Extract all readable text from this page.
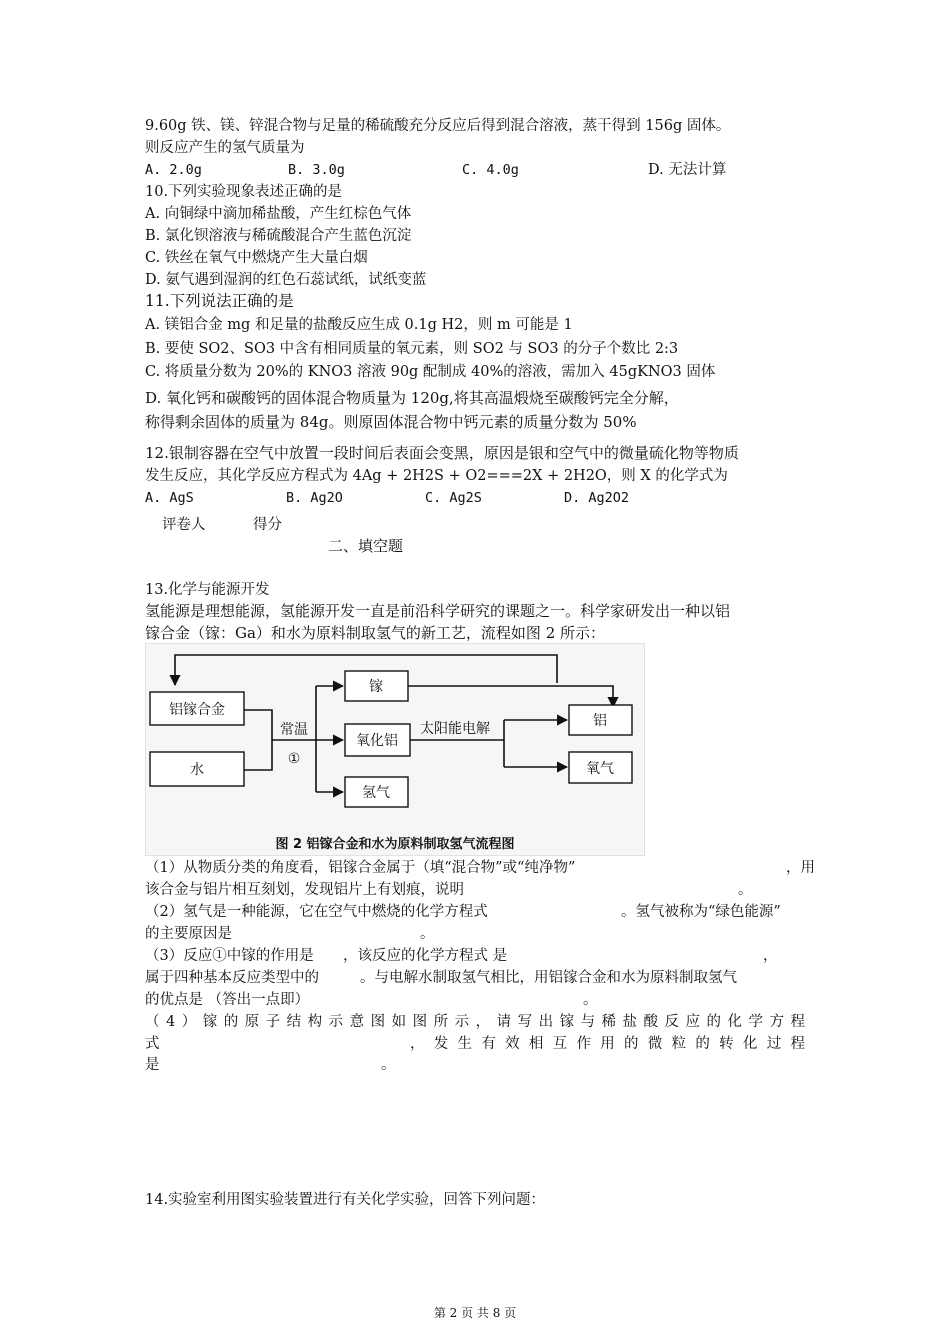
9.60g 铁、镁、锌混合物与足量的稀硫酸充分反应后得到混合溶液，蒸干得到 156g 固体。
则反应产生的氢气质量为
A. 2.0g	B. 3.0g	C. 4.0g	D. 无法计算
10.下列实验现象表述正确的是
A. 向铜绿中滴加稀盐酸，产生红棕色气体
B. 氯化钡溶液与稀硫酸混合产生蓝色沉淀
C. 铁丝在氧气中燃烧产生大量白烟
D. 氨气遇到湿润的红色石蕊试纸，试纸变蓝
11.下列说法正确的是
A. 镁铝合金 mg 和足量的盐酸反应生成 0.1g H2，则 m 可能是 1
B. 要使 SO2、SO3 中含有相同质量的氧元素，则 SO2 与 SO3 的分子个数比 2:3
C. 将质量分数为 20%的 KNO3 溶液 90g 配制成 40%的溶液，需加入 45gKNO3 固体
D. 氧化钙和碳酸钙的固体混合物质量为 120g,将其高温煅烧至碳酸钙完全分解，
称得剩余固体的质量为 84g。则原固体混合物中钙元素的质量分数为 50%
12.银制容器在空气中放置一段时间后表面会变黑，原因是银和空气中的微量硫化物等物质
发生反应，其化学反应方程式为 4Ag + 2H2S + O2===2X + 2H2O，则 X 的化学式为
A. AgS	B. Ag2O	C. Ag2S	D. Ag2O2
评卷人	得分
二、填空题
13.化学与能源开发
氢能源是理想能源，氢能源开发一直是前沿科学研究的课题之一。科学家研发出一种以铝
镓合金（镓：Ga）和水为原料制取氢气的新工艺，流程如图 2 所示：
铝镓合金
水
常温
①
镓
氧化铝
氢气
太阳能电解	铝
氧气
图 2 铝镓合金和水为原料制取氢气流程图
（1）从物质分类的角度看，铝镓合金属于（填“混合物”或“纯净物”	，用
该合金与铝片相互刻划，发现铝片上有划痕，说明	。
（2）氢气是一种能源，它在空气中燃烧的化学方程式	。氢气被称为“绿色能源”
的主要原因是	。
（3）反应①中镓的作用是 ，该反应的化学方程式 是	，
属于四种基本反应类型中的	。与电解水制取氢气相比，用铝镓合金和水为原料制取氢气
的优点是 （答出一点即）	。
（4）镓的原子结构示意图如图所示，请写出镓与稀盐酸反应的化学方程
式	，发生有效相互作用的微粒的转化过程
是	。
14.实验室利用图实验装置进行有关化学实验，回答下列问题：
第 2 页 共 8 页
